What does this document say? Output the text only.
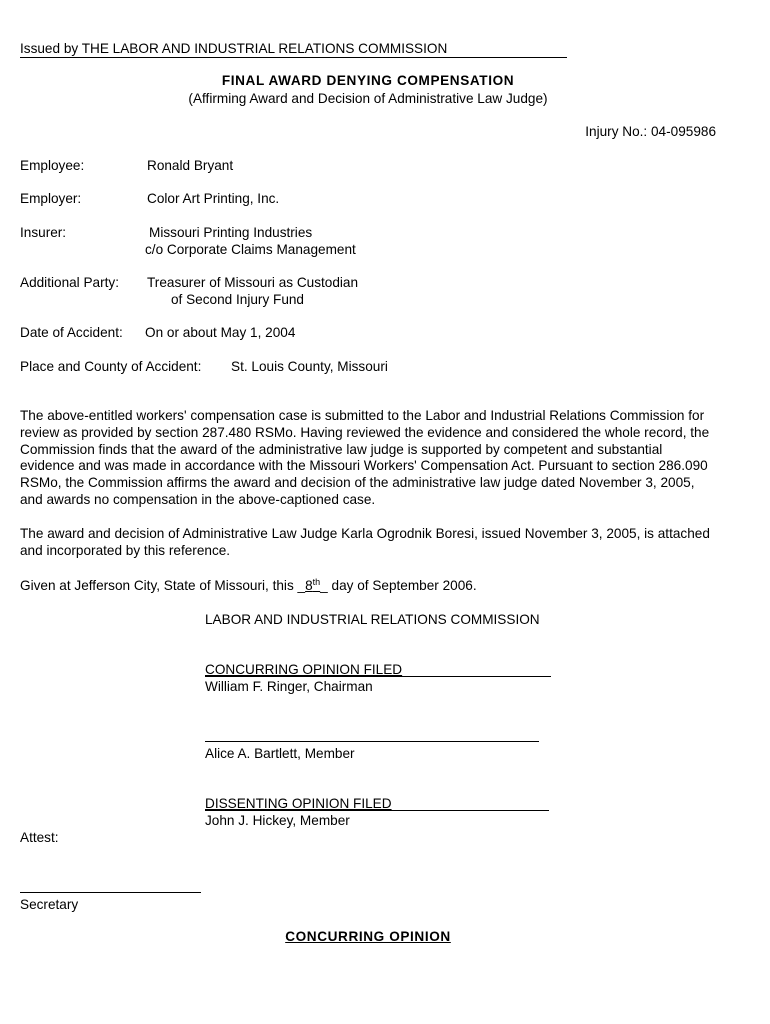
Issued by THE LABOR AND INDUSTRIAL RELATIONS COMMISSION
FINAL AWARD DENYING COMPENSATION
(Affirming Award and Decision of Administrative Law Judge)
Injury No.: 04-095986
Employee:	Ronald Bryant
Employer:	Color Art Printing, Inc.
Insurer:	Missouri Printing Industries
c/o Corporate Claims Management
Additional Party: Treasurer of Missouri as Custodian
of Second Injury Fund
Date of Accident: On or about May 1, 2004
Place and County of Accident: St. Louis County, Missouri
The above-entitled workers' compensation case is submitted to the Labor and Industrial Relations Commission for review as provided by section 287.480 RSMo. Having reviewed the evidence and considered the whole record, the Commission finds that the award of the administrative law judge is supported by competent and substantial evidence and was made in accordance with the Missouri Workers' Compensation Act. Pursuant to section 286.090 RSMo, the Commission affirms the award and decision of the administrative law judge dated November 3, 2005, and awards no compensation in the above-captioned case.
The award and decision of Administrative Law Judge Karla Ogrodnik Boresi, issued November 3, 2005, is attached and incorporated by this reference.
Given at Jefferson City, State of Missouri, this _8th_ day of September 2006.
LABOR AND INDUSTRIAL RELATIONS COMMISSION
CONCURRING OPINION FILED
William F. Ringer, Chairman
Alice A. Bartlett, Member
DISSENTING OPINION FILED
John J. Hickey, Member
Attest:
Secretary
CONCURRING OPINION
